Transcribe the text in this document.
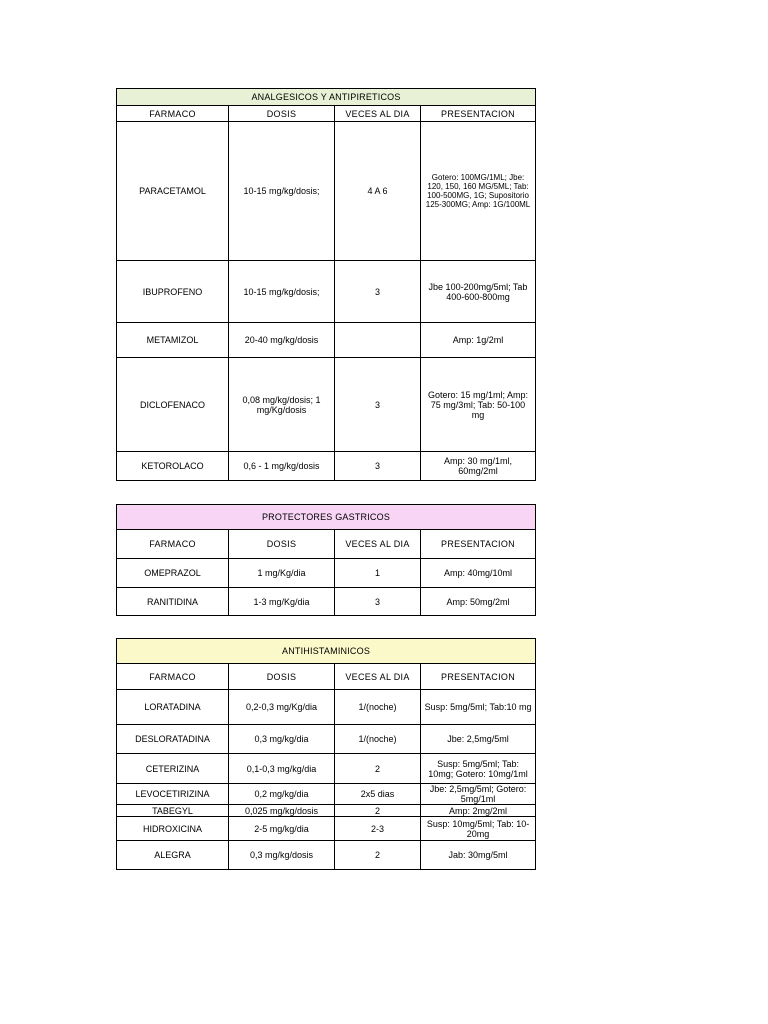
ANALGESICOS Y ANTIPIRETICOS			
FARMACO	DOSIS	VECES AL DIA	PRESENTACION
PARACETAMOL	10-15 mg/kg/dosis;	4 A 6	Gotero: 100MG/1ML; Jbe: 120, 150, 160 MG/5ML; Tab: 100-500MG, 1G; Supositorio 125-300MG; Amp: 1G/100ML
IBUPROFENO	10-15 mg/kg/dosis;	3	Jbe 100-200mg/5ml; Tab 400-600-800mg
METAMIZOL	20-40 mg/kg/dosis		Amp: 1g/2ml
DICLOFENACO	0,08 mg/kg/dosis; 1 mg/Kg/dosis	3	Gotero: 15 mg/1ml; Amp: 75 mg/3ml; Tab: 50-100 mg
KETOROLACO	0,6 - 1 mg/kg/dosis	3	Amp: 30 mg/1ml, 60mg/2ml
PROTECTORES GASTRICOS			
FARMACO	DOSIS	VECES AL DIA	PRESENTACION
OMEPRAZOL	1 mg/Kg/dia	1	Amp: 40mg/10ml
RANITIDINA	1-3 mg/Kg/dia	3	Amp: 50mg/2ml
ANTIHISTAMINICOS			
FARMACO	DOSIS	VECES AL DIA	PRESENTACION
LORATADINA	0,2-0,3 mg/Kg/dia	1/(noche)	Susp: 5mg/5ml; Tab:10 mg
DESLORATADINA	0,3 mg/kg/dia	1/(noche)	Jbe: 2,5mg/5ml
CETERIZINA	0,1-0,3 mg/kg/dia	2	Susp: 5mg/5ml; Tab: 10mg; Gotero: 10mg/1ml
LEVOCETIRIZINA	0,2 mg/kg/dia	2x5 dias	Jbe: 2,5mg/5ml; Gotero: 5mg/1ml
TABEGYL	0,025 mg/kg/dosis	2	Amp: 2mg/2ml
HIDROXICINA	2-5 mg/kg/dia	2-3	Susp: 10mg/5ml; Tab: 10-20mg
ALEGRA	0,3 mg/kg/dosis	2	Jab: 30mg/5ml
